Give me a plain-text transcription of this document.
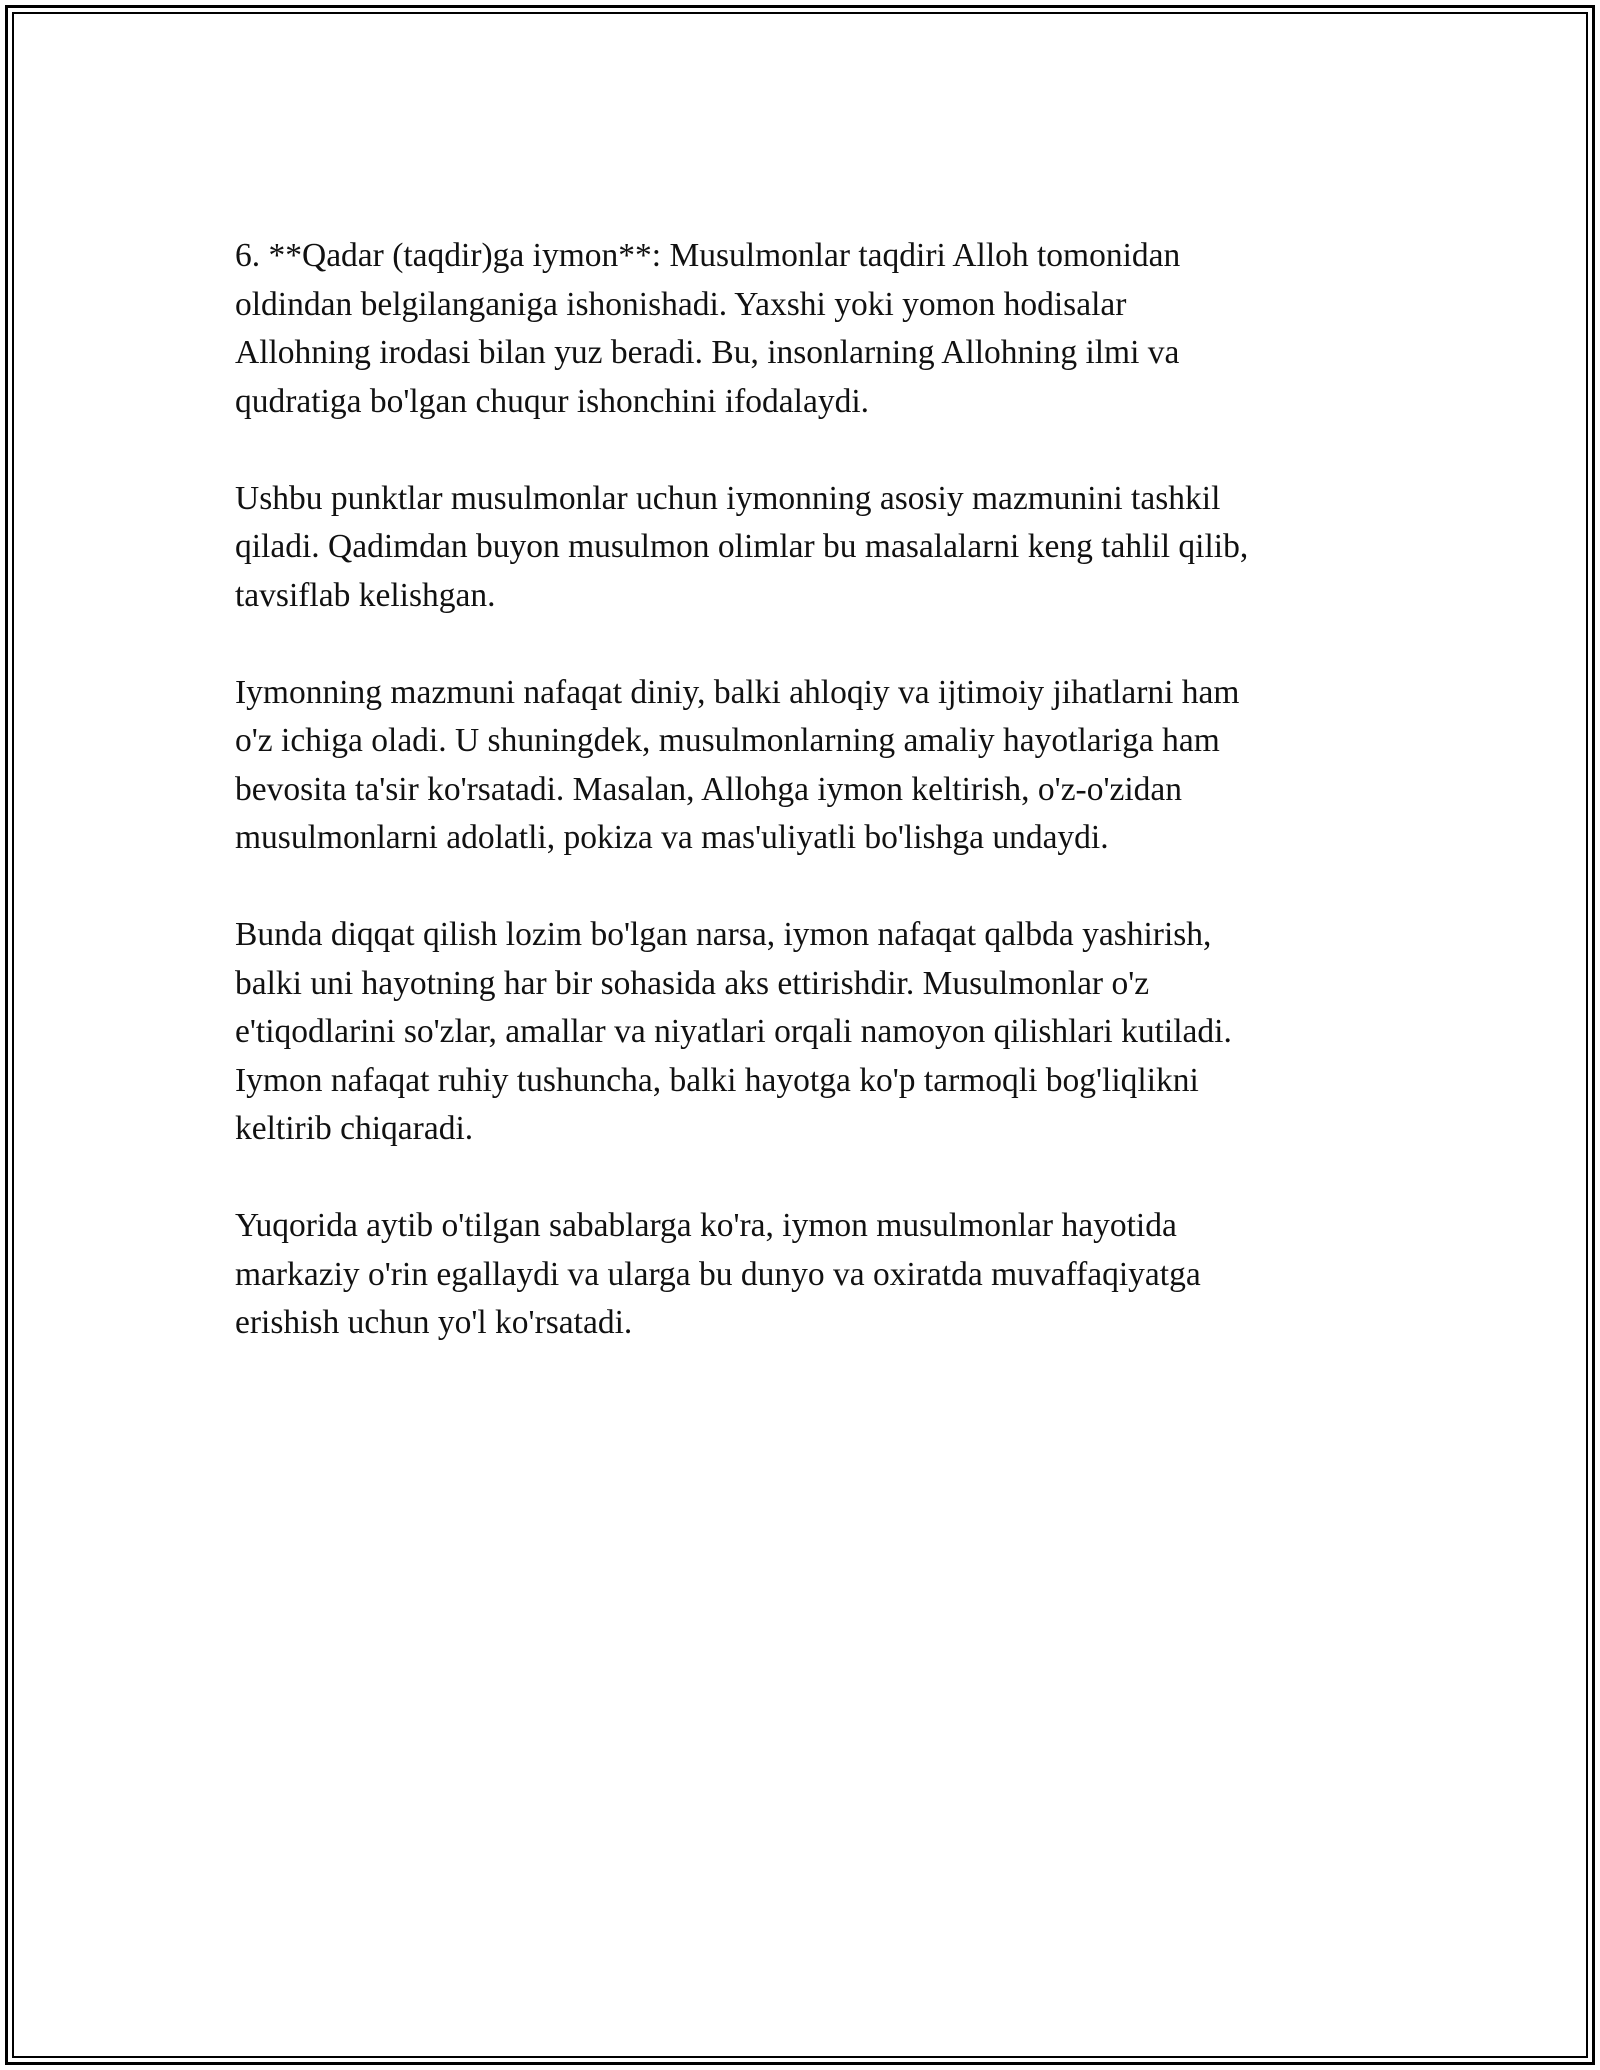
6. **Qadar (taqdir)ga iymon**: Musulmonlar taqdiri Alloh tomonidan
oldindan belgilanganiga ishonishadi. Yaxshi yoki yomon hodisalar
Allohning irodasi bilan yuz beradi. Bu, insonlarning Allohning ilmi va
qudratiga bo'lgan chuqur ishonchini ifodalaydi.

Ushbu punktlar musulmonlar uchun iymonning asosiy mazmunini tashkil
qiladi. Qadimdan buyon musulmon olimlar bu masalalarni keng tahlil qilib,
tavsiflab kelishgan.

Iymonning mazmuni nafaqat diniy, balki ahloqiy va ijtimoiy jihatlarni ham
o'z ichiga oladi. U shuningdek, musulmonlarning amaliy hayotlariga ham
bevosita ta'sir ko'rsatadi. Masalan, Allohga iymon keltirish, o'z-o'zidan
musulmonlarni adolatli, pokiza va mas'uliyatli bo'lishga undaydi.

Bunda diqqat qilish lozim bo'lgan narsa, iymon nafaqat qalbda yashirish,
balki uni hayotning har bir sohasida aks ettirishdir. Musulmonlar o'z
e'tiqodlarini so'zlar, amallar va niyatlari orqali namoyon qilishlari kutiladi.
Iymon nafaqat ruhiy tushuncha, balki hayotga ko'p tarmoqli bog'liqlikni
keltirib chiqaradi.

Yuqorida aytib o'tilgan sabablarga ko'ra, iymon musulmonlar hayotida
markaziy o'rin egallaydi va ularga bu dunyo va oxiratda muvaffaqiyatga
erishish uchun yo'l ko'rsatadi.
